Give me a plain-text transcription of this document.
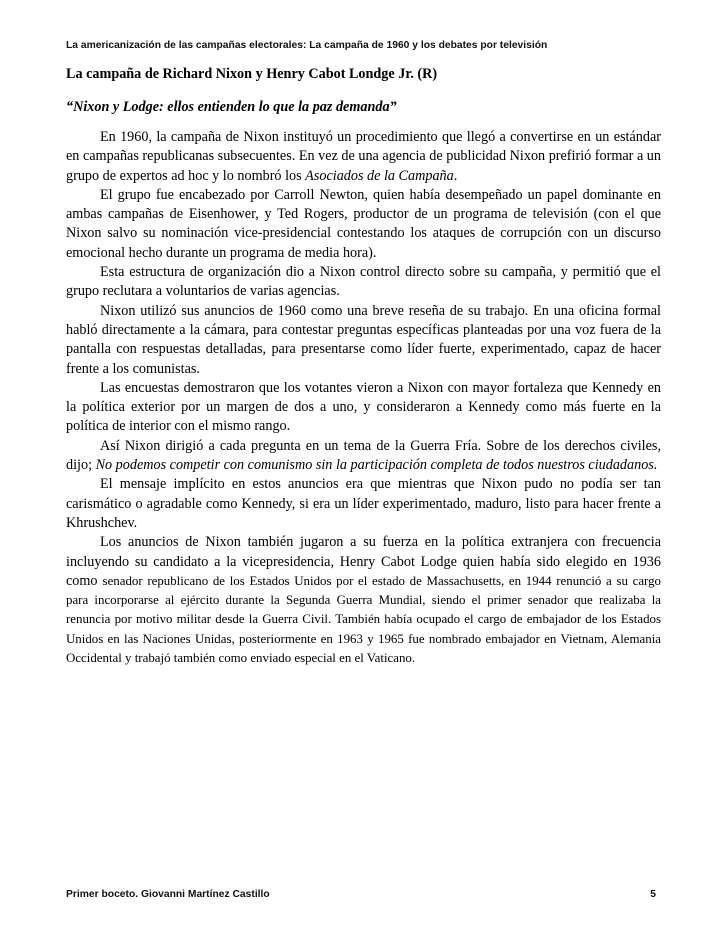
La americanización de las campañas electorales: La campaña de 1960 y los debates por televisión
La campaña de Richard Nixon y Henry Cabot Londge Jr. (R)
“Nixon y Lodge: ellos entienden lo que la paz demanda”

En 1960, la campaña de Nixon instituyó un procedimiento que llegó a convertirse en un estándar en campañas republicanas subsecuentes. En vez de una agencia de publicidad Nixon prefirió formar a un grupo de expertos ad hoc y lo nombró los Asociados de la Campaña.

El grupo fue encabezado por Carroll Newton, quien había desempeñado un papel dominante en ambas campañas de Eisenhower, y Ted Rogers, productor de un programa de televisión (con el que Nixon salvo su nominación vice-presidencial contestando los ataques de corrupción con un discurso emocional hecho durante un programa de media hora).

Esta estructura de organización dio a Nixon control directo sobre su campaña, y permitió que el grupo reclutara a voluntarios de varias agencias.

Nixon utilizó sus anuncios de 1960 como una breve reseña de su trabajo. En una oficina formal habló directamente a la cámara, para contestar preguntas específicas planteadas por una voz fuera de la pantalla con respuestas detalladas, para presentarse como líder fuerte, experimentado, capaz de hacer frente a los comunistas.

Las encuestas demostraron que los votantes vieron a Nixon con mayor fortaleza que Kennedy en la política exterior por un margen de dos a uno, y consideraron a Kennedy como más fuerte en la política de interior con el mismo rango.

Así Nixon dirigió a cada pregunta en un tema de la Guerra Fría. Sobre de los derechos civiles, dijo; No podemos competir con comunismo sin la participación completa de todos nuestros ciudadanos.

El mensaje implícito en estos anuncios era que mientras que Nixon pudo no podía ser tan carismático o agradable como Kennedy, si era un líder experimentado, maduro, listo para hacer frente a Khrushchev.

Los anuncios de Nixon también jugaron a su fuerza en la política extranjera con frecuencia incluyendo su candidato a la vicepresidencia, Henry Cabot Lodge quien había sido elegido en 1936 como senador republicano de los Estados Unidos por el estado de Massachusetts, en 1944 renunció a su cargo para incorporarse al ejército durante la Segunda Guerra Mundial, siendo el primer senador que realizaba la renuncia por motivo militar desde la Guerra Civil. También había ocupado el cargo de embajador de los Estados Unidos en las Naciones Unidas, posteriormente en 1963 y 1965 fue nombrado embajador en Vietnam, Alemania Occidental y trabajó también como enviado especial en el Vaticano.

Primer boceto. Giovanni Martínez Castillo	5
